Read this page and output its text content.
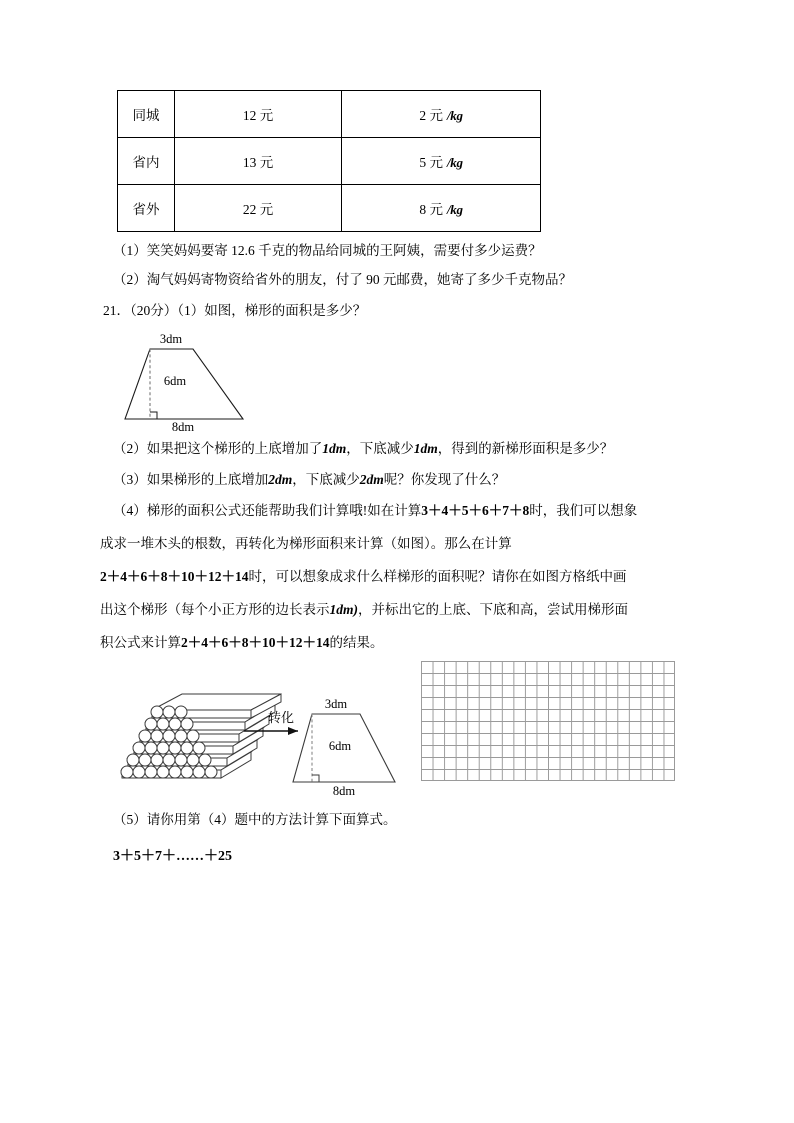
同城	12 元	2 元 /kg
省内	13 元	5 元 /kg
省外	22 元	8 元 /kg
（1）笑笑妈妈要寄 12.6 千克的物品给同城的王阿姨，需要付多少运费？
（2）淘气妈妈寄物资给省外的朋友，付了 90 元邮费，她寄了多少千克物品？
21．（20分）（1）如图，梯形的面积是多少？
3dm
6dm
8dm
（2）如果把这个梯形的上底增加了1dm，下底减少1dm，得到的新梯形面积是多少？
（3）如果梯形的上底增加2dm，下底减少2dm呢？你发现了什么？
（4）梯形的面积公式还能帮助我们计算哦!如在计算3＋4＋5＋6＋7＋8时，我们可以想象
成求一堆木头的根数，再转化为梯形面积来计算（如图）。那么在计算
2＋4＋6＋8＋10＋12＋14时，可以想象成求什么样梯形的面积呢？请你在如图方格纸中画
出这个梯形（每个小正方形的边长表示1dm)，并标出它的上底、下底和高，尝试用梯形面
积公式来计算2＋4＋6＋8＋10＋12＋14的结果。
转化
3dm
6dm
8dm
（5）请你用第（4）题中的方法计算下面算式。
3＋5＋7＋……＋25
